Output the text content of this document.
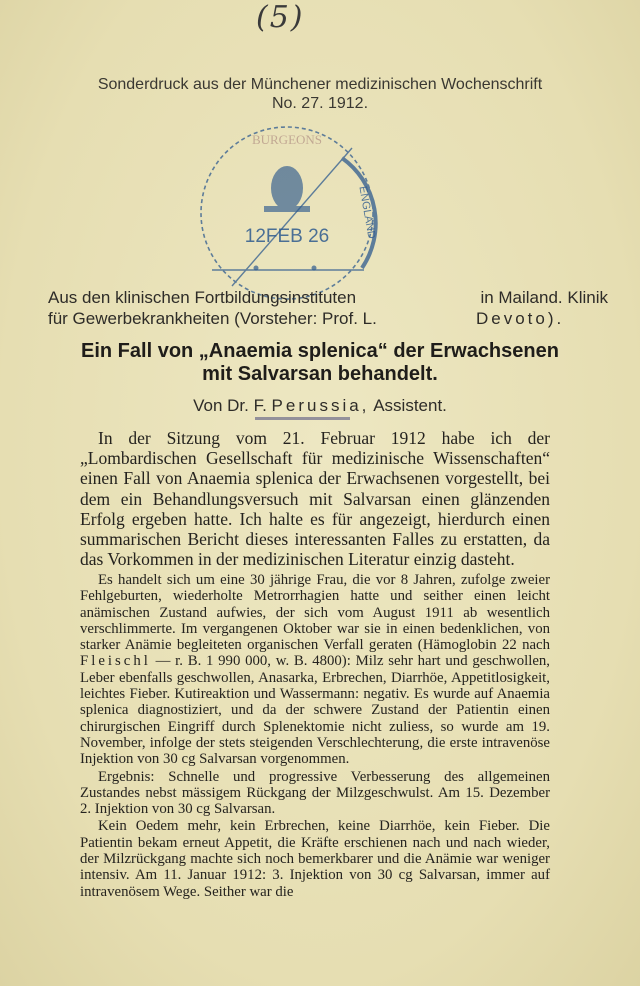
(5)
Sonderdruck aus der Münchener medizinischen Wochenschrift
No. 27. 1912.
BURGEONS
ENGLAND
12FEB 26
Aus den klinischen Fortbildungsinstituten	in Mailand. Klinik
für Gewerbekrankheiten (Vorsteher: Prof. L.	Devoto).
Ein Fall von „Anaemia splenica“ der Erwachsenen
mit Salvarsan behandelt.
Von Dr. F. Perussia, Assistent.

In der Sitzung vom 21. Februar 1912 habe ich der „Lombardischen Gesellschaft für medizinische Wissenschaften“ einen Fall von Anaemia splenica der Erwachsenen vorgestellt, bei dem ein Behandlungsversuch mit Salvarsan einen glänzenden Erfolg ergeben hatte. Ich halte es für angezeigt, hierdurch einen summarischen Bericht dieses interessanten Falles zu erstatten, da das Vorkommen in der medizinischen Literatur einzig dasteht.

Es handelt sich um eine 30 jährige Frau, die vor 8 Jahren, zufolge zweier Fehlgeburten, wiederholte Metrorrhagien hatte und seither einen leicht anämischen Zustand aufwies, der sich vom August 1911 ab wesentlich verschlimmerte. Im vergangenen Oktober war sie in einen bedenklichen, von starker Anämie begleiteten organischen Verfall geraten (Hämoglobin 22 nach Fleischl — r. B. 1 990 000, w. B. 4800): Milz sehr hart und geschwollen, Leber ebenfalls geschwollen, Anasarka, Erbrechen, Diarrhöe, Appetitlosigkeit, leichtes Fieber. Kutireaktion und Wassermann: negativ. Es wurde auf Anaemia splenica diagnostiziert, und da der schwere Zustand der Patientin einen chirurgischen Eingriff durch Splenektomie nicht zuliess, so wurde am 19. November, infolge der stets steigenden Verschlechterung, die erste intravenöse Injektion von 30 cg Salvarsan vorgenommen.

Ergebnis: Schnelle und progressive Verbesserung des allgemeinen Zustandes nebst mässigem Rückgang der Milzgeschwulst. Am 15. Dezember 2. Injektion von 30 cg Salvarsan.

Kein Oedem mehr, kein Erbrechen, keine Diarrhöe, kein Fieber. Die Patientin bekam erneut Appetit, die Kräfte erschienen nach und nach wieder, der Milzrückgang machte sich noch bemerkbarer und die Anämie war weniger intensiv. Am 11. Januar 1912: 3. Injektion von 30 cg Salvarsan, immer auf intravenösem Wege. Seither war die
